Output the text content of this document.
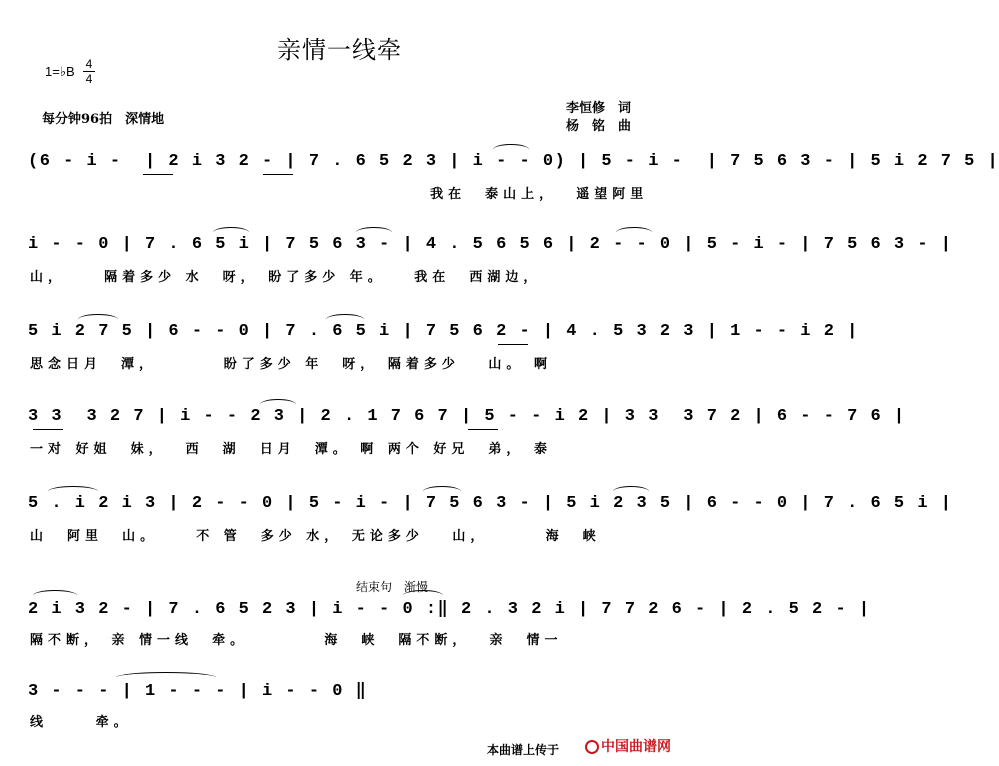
亲情一线牵
1=♭B 4
4
每分钟96拍　深情地
李恒修　词
杨　铭　曲
(6 - i -  | 2 i 3 2 - | 7 . 6 5 2 3 | i - - 0) | 5 - i -  | 7 5 6 3 - | 5 i 2 7 5 |
我在  泰山上，  遥望阿里
i - - 0 | 7 . 6 5 i | 7 5 6 3 - | 4 . 5 6 5 6 | 2 - - 0 | 5 - i - | 7 5 6 3 - |
山，    隔着多少 水  呀， 盼了多少 年。   我在  西湖边，
5 i 2 7 5 | 6 - - 0 | 7 . 6 5 i | 7 5 6 2 - | 4 . 5 3 2 3 | 1 - - i 2 |
思念日月  潭，       盼了多少 年  呀， 隔着多少   山。 啊
3 3  3 2 7 | i - - 2 3 | 2 . 1 7 6 7 | 5 - - i 2 | 3 3  3 7 2 | 6 - - 7 6 |
一对 好姐  妹，  西  湖  日月  潭。 啊 两个 好兄  弟， 泰
5 . i 2 i 3 | 2 - - 0 | 5 - i - | 7 5 6 3 - | 5 i 2 3 5 | 6 - - 0 | 7 . 6 5 i |
山  阿里  山。    不 管  多少 水， 无论多少   山，      海  峡
结束句　渐慢
2 i 3 2 - | 7 . 6 5 2 3 | i - - 0 :‖ 2 . 3 2 i | 7 7 2 6 - | 2 . 5 2 - |
隔不断， 亲 情一线  牵。        海  峡  隔不断，  亲  情一
3 - - - | 1 - - - | i - - 0 ‖
线     牵。
本曲谱上传于	中国曲谱网
